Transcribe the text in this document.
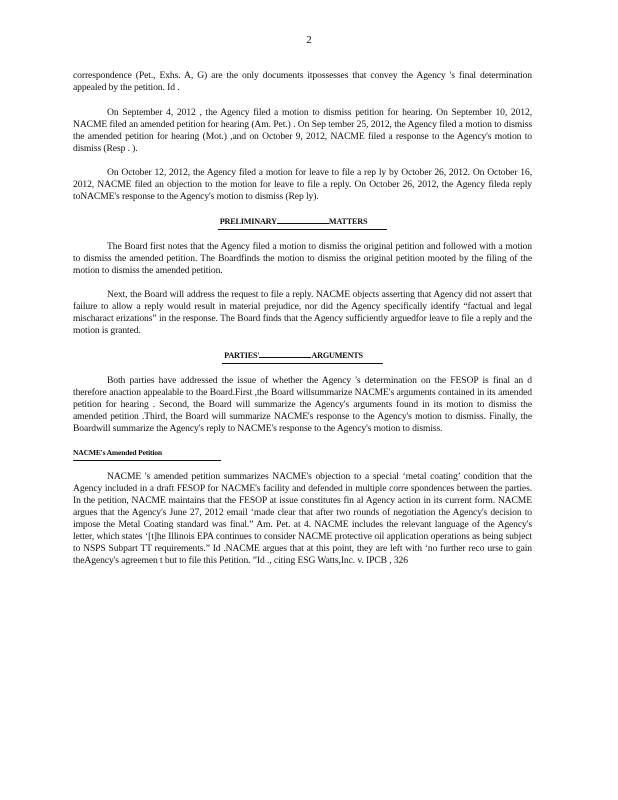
2

correspondence (Pet., Exhs. A, G) are the only documents itpossesses that convey the Agency 's final determination appealed by the petition. Id .

On September 4, 2012 , the Agency filed a motion to dismiss petition for hearing. On September 10, 2012, NACME filed an amended petition for hearing (Am. Pet.) . On Sep tember 25, 2012, the Agency filed a motion to dismiss the amended petition for hearing (Mot.) ,and on October 9, 2012, NACME filed a response to the Agency's motion to dismiss (Resp . ).

On October 12, 2012, the Agency filed a motion for leave to file a rep ly by October 26, 2012. On October 16, 2012, NACME filed an objection to the motion for leave to file a reply. On October 26, 2012, the Agency fileda reply toNACME's response to the Agency's motion to dismiss (Rep ly).

PRELIMINARY	MATTERS

The Board first notes that the Agency filed a motion to dismiss the original petition and followed with a motion to dismiss the amended petition. The Boardfinds the motion to dismiss the original petition mooted by the filing of the motion to dismiss the amended petition.

Next, the Board will address the request to file a reply. NACME objects asserting that Agency did not assert that failure to allow a reply would result in material prejudice, nor did the Agency specifically identify “factual and legal mischaract erizations” in the response. The Board finds that the Agency sufficiently arguedfor leave to file a reply and the motion is granted.

PARTIES'	ARGUMENTS

Both parties have addressed the issue of whether the Agency 's determination on the FESOP is final an d therefore anaction appealable to the Board.First ,the Board willsummarize NACME's arguments contained in its amended petition for hearing . Second, the Board will summarize the Agency's arguments found in its motion to dismiss the amended petition .Third, the Board will summarize NACME's response to the Agency's motion to dismiss. Finally, the Boardwill summarize the Agency's reply to NACME's response to the Agency's motion to dismiss.

NACME's Amended Petition

NACME 's amended petition summarizes NACME's objection to a special ‘metal coating’ condition that the Agency included in a draft FESOP for NACME's facility and defended in multiple corre spondences between the parties. In the petition, NACME maintains that the FESOP at issue constitutes fin al Agency action in its current form. NACME argues that the Agency's June 27, 2012 email ‘made clear that after two rounds of negotiation the Agency's decision to impose the Metal Coating standard was final.” Am. Pet. at 4. NACME includes the relevant language of the Agency's letter, which states ‘[t]he Illinois EPA continues to consider NACME protective oil application operations as being subject to NSPS Subpart TT requirements.” Id .NACME argues that at this point, they are left with ‘no further reco urse to gain theAgency's agreemen t but to file this Petition. ”Id ., citing ESG Watts,Inc. v. IPCB , 326
